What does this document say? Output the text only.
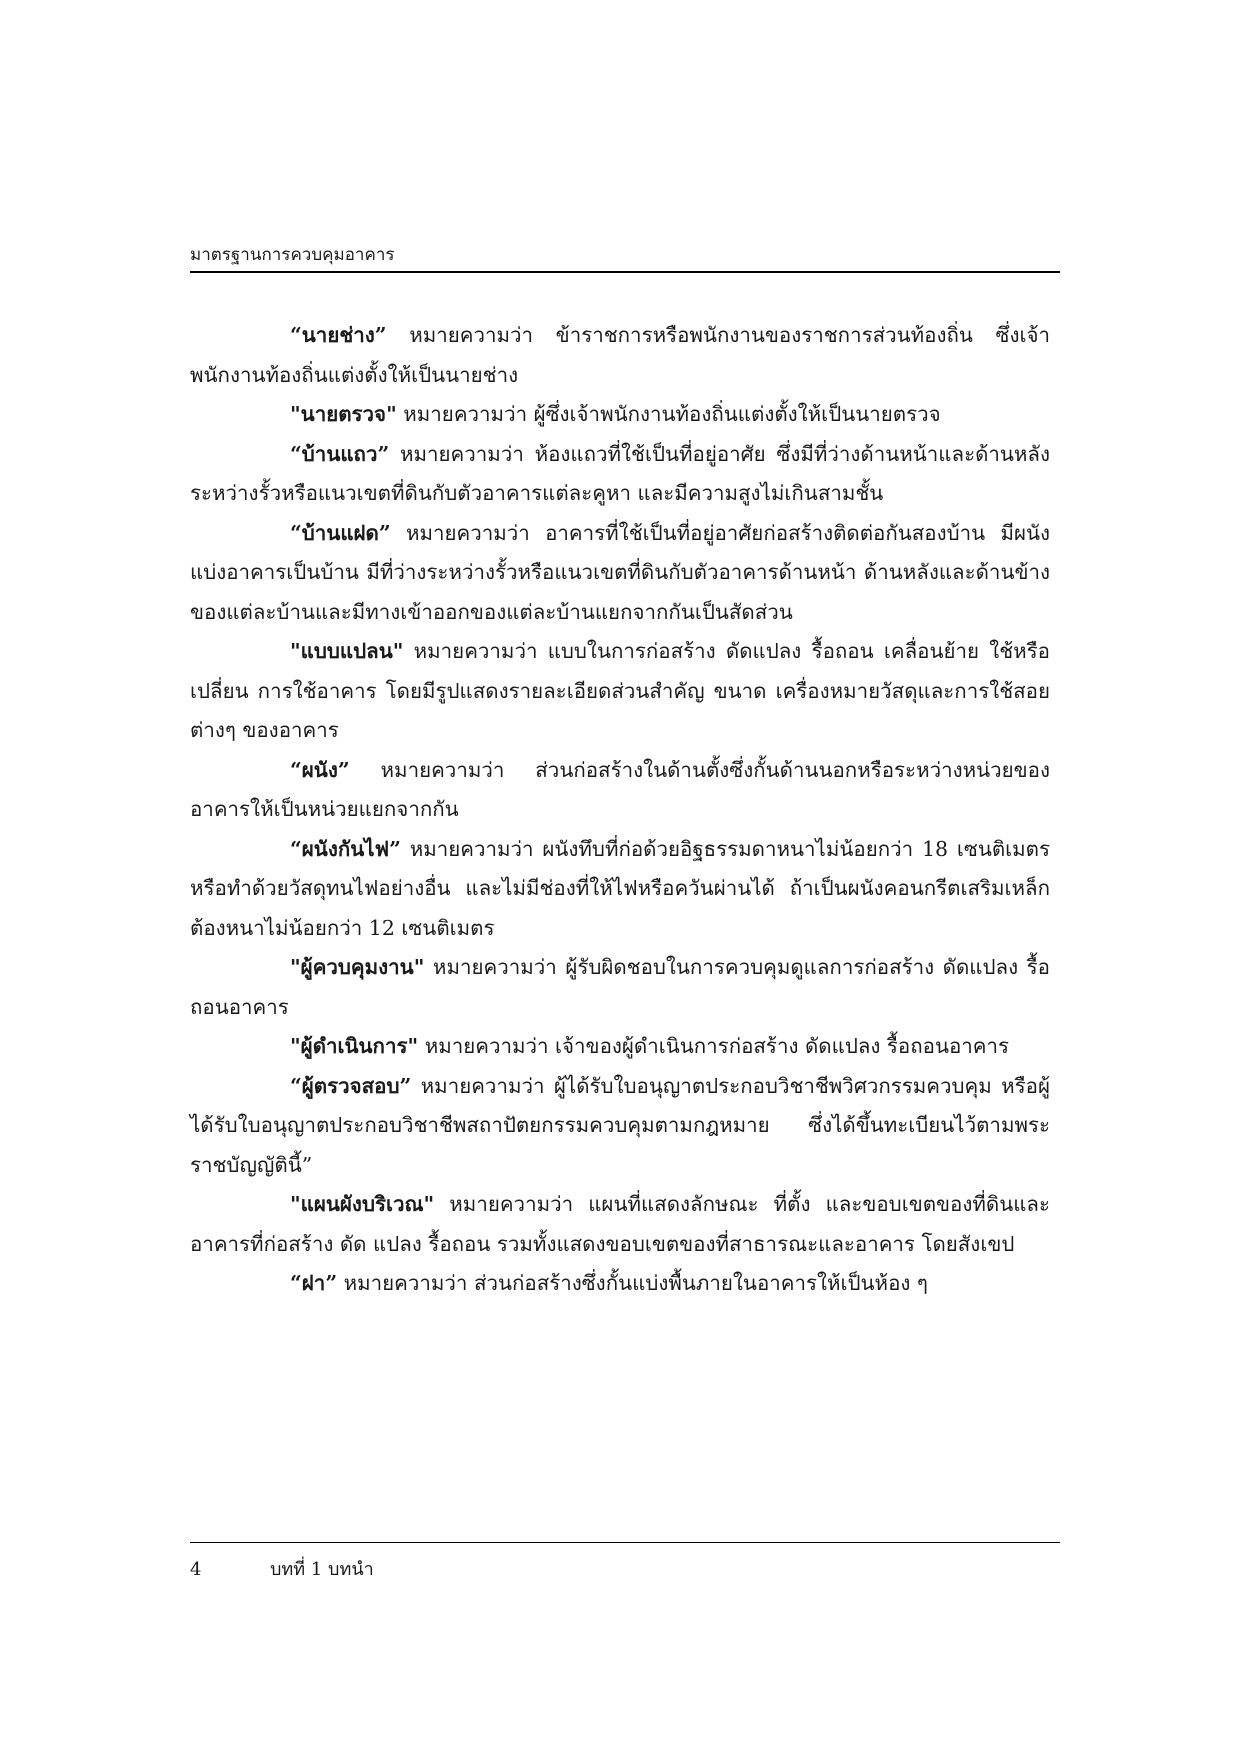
มาตรฐานการควบคุมอาคาร

“นายช่าง” หมายความว่า ข้าราชการหรือพนักงานของราชการส่วนท้องถิ่น ซึ่งเจ้าพนักงานท้องถิ่นแต่งตั้งให้เป็นนายช่าง

"นายตรวจ" หมายความว่า ผู้ซึ่งเจ้าพนักงานท้องถิ่นแต่งตั้งให้เป็นนายตรวจ

“บ้านแถว” หมายความว่า ห้องแถวที่ใช้เป็นที่อยู่อาศัย ซึ่งมีที่ว่างด้านหน้าและด้านหลังระหว่างรั้วหรือแนวเขตที่ดินกับตัวอาคารแต่ละคูหา และมีความสูงไม่เกินสามชั้น

“บ้านแฝด” หมายความว่า อาคารที่ใช้เป็นที่อยู่อาศัยก่อสร้างติดต่อกันสองบ้าน มีผนังแบ่งอาคารเป็นบ้าน มีที่ว่างระหว่างรั้วหรือแนวเขตที่ดินกับตัวอาคารด้านหน้า ด้านหลังและด้านข้างของแต่ละบ้านและมีทางเข้าออกของแต่ละบ้านแยกจากกันเป็นสัดส่วน

"แบบแปลน" หมายความว่า แบบในการก่อสร้าง ดัดแปลง รื้อถอน เคลื่อนย้าย ใช้หรือเปลี่ยน การใช้อาคาร โดยมีรูปแสดงรายละเอียดส่วนสำคัญ ขนาด เครื่องหมายวัสดุและการใช้สอยต่างๆ ของอาคาร

“ผนัง” หมายความว่า ส่วนก่อสร้างในด้านตั้งซึ่งกั้นด้านนอกหรือระหว่างหน่วยของอาคารให้เป็นหน่วยแยกจากกัน

“ผนังกันไฟ” หมายความว่า ผนังทึบที่ก่อด้วยอิฐธรรมดาหนาไม่น้อยกว่า 18 เซนติเมตร หรือทำด้วยวัสดุทนไฟอย่างอื่น และไม่มีช่องที่ให้ไฟหรือควันผ่านได้ ถ้าเป็นผนังคอนกรีตเสริมเหล็กต้องหนาไม่น้อยกว่า 12 เซนติเมตร

"ผู้ควบคุมงาน" หมายความว่า ผู้รับผิดชอบในการควบคุมดูแลการก่อสร้าง ดัดแปลง รื้อถอนอาคาร

"ผู้ดำเนินการ" หมายความว่า เจ้าของผู้ดำเนินการก่อสร้าง ดัดแปลง รื้อถอนอาคาร

“ผู้ตรวจสอบ” หมายความว่า ผู้ได้รับใบอนุญาตประกอบวิชาชีพวิศวกรรมควบคุม หรือผู้ได้รับใบอนุญาตประกอบวิชาชีพสถาปัตยกรรมควบคุมตามกฎหมาย ซึ่งได้ขึ้นทะเบียนไว้ตามพระราชบัญญัตินี้”

"แผนผังบริเวณ" หมายความว่า แผนที่แสดงลักษณะ ที่ตั้ง และขอบเขตของที่ดินและอาคารที่ก่อสร้าง ดัด แปลง รื้อถอน รวมทั้งแสดงขอบเขตของที่สาธารณะและอาคาร โดยสังเขป

“ฝา” หมายความว่า ส่วนก่อสร้างซึ่งกั้นแบ่งพื้นภายในอาคารให้เป็นห้อง ๆ

4	บทที่ 1 บทนำ
